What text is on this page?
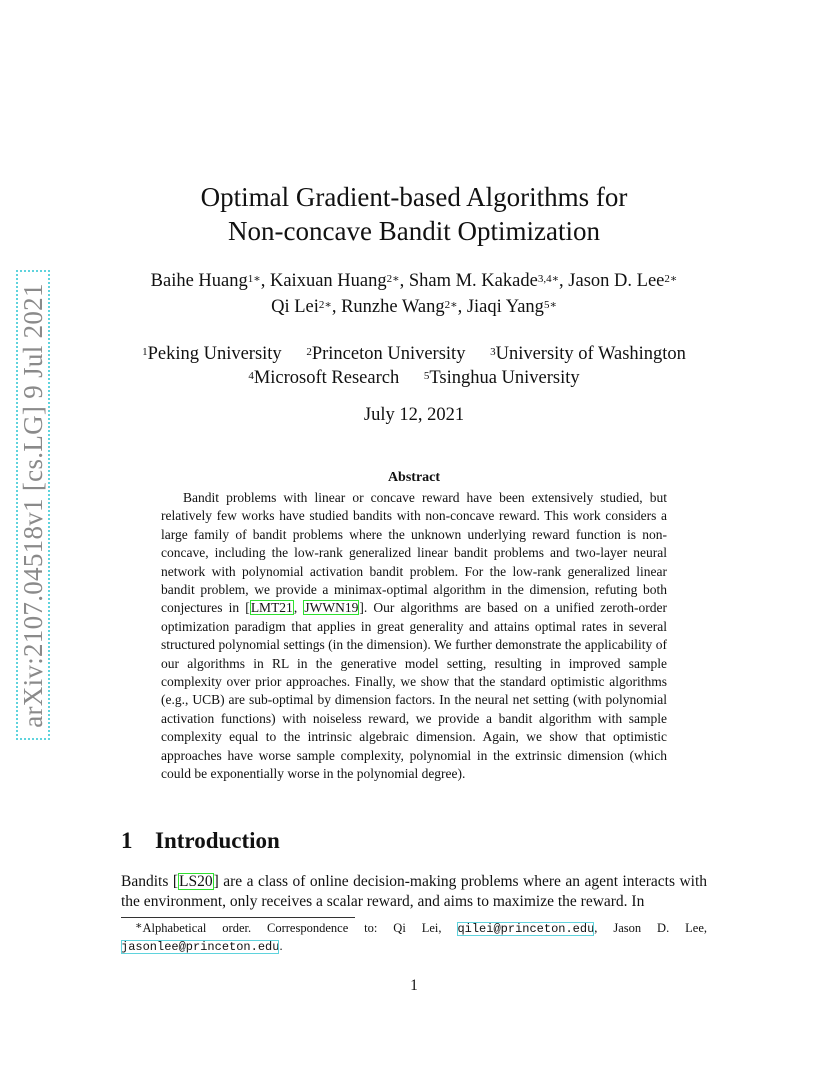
arXiv:2107.04518v1 [cs.LG] 9 Jul 2021
Optimal Gradient-based Algorithms for
Non-concave Bandit Optimization
Baihe Huang$^{1∗}$, Kaixuan Huang$^{2∗}$, Sham M. Kakade$^{3,4∗}$, Jason D. Lee$^{2∗}$
Qi Lei$^{2∗}$, Runzhe Wang$^{2∗}$, Jiaqi Yang$^{5∗}$
$^1$Peking University $^2$Princeton University $^3$University of Washington
$^4$Microsoft Research $^5$Tsinghua University
July 12, 2021
Abstract

Bandit problems with linear or concave reward have been extensively studied, but relatively few works have studied bandits with non-concave reward. This work considers a large family of bandit problems where the unknown underlying reward function is non-concave, including the low-rank generalized linear bandit problems and two-layer neural network with polynomial activation bandit problem. For the low-rank generalized linear bandit problem, we provide a minimax-optimal algorithm in the dimension, refuting both conjectures in [LMT21, JWWN19]. Our algorithms are based on a unified zeroth-order optimization paradigm that applies in great generality and attains optimal rates in several structured polynomial settings (in the dimension). We further demonstrate the applicability of our algorithms in RL in the generative model setting, resulting in improved sample complexity over prior approaches. Finally, we show that the standard optimistic algorithms (e.g., UCB) are sub-optimal by dimension factors. In the neural net setting (with polynomial activation functions) with noiseless reward, we provide a bandit algorithm with sample complexity equal to the intrinsic algebraic dimension. Again, we show that optimistic approaches have worse sample complexity, polynomial in the extrinsic dimension (which could be exponentially worse in the polynomial degree).

1 Introduction

Bandits [LS20] are a class of online decision-making problems where an agent interacts with the environment, only receives a scalar reward, and aims to maximize the reward. In

∗Alphabetical order. Correspondence to: Qi Lei, qilei@princeton.edu, Jason D. Lee, jasonlee@princeton.edu.

1
